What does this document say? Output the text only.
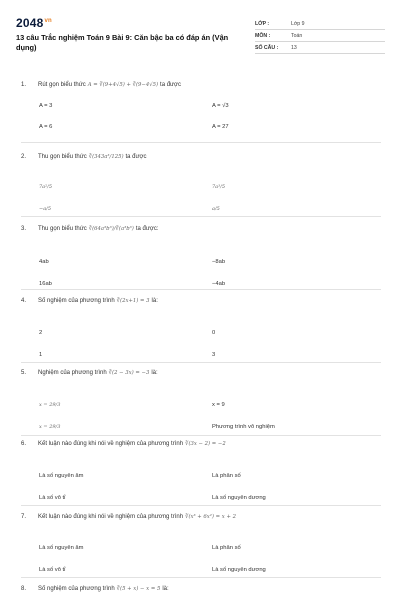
$2048^{vn}$
13 câu Trắc nghiệm Toán 9 Bài 9: Căn bậc ba có đáp án (Vận dụng)
LỚP :	Lớp 9
MÔN :	Toán
SỐ CÂU :	13
1.	Rút gọn biểu thức A = ∛(9+4√5) + ∛(9−4√5) ta được
A = 3	A = √3
A = 6	A = 27
2.	Thu gọn biểu thức ∛(343a³/125) ta được
7a²/5	7a³/5
−a/5	a/5
3.	Thu gọn biểu thức ∛(64a³b³)/∛(a³b³) ta được:
4ab	−8ab
16ab	−4ab
4.	Số nghiệm của phương trình ∛(2x+1) = 3 là:
2	0
1	3
5.	Nghiệm của phương trình ∛(2 − 3x) = −3 là:
x = 29/3	x = 9
x = 29/3	Phương trình vô nghiệm
6.	Kết luận nào đúng khi nói về nghiệm của phương trình ∛(3x − 2) = −2
Là số nguyên âm	Là phân số
Là số vô tỉ	Là số nguyên dương
7.	Kết luận nào đúng khi nói về nghiệm của phương trình ∛(x³ + 6x²) = x + 2
Là số nguyên âm	Là phân số
Là số vô tỉ	Là số nguyên dương
8.	Số nghiệm của phương trình ∛(5 + x) − x = 5 là:
